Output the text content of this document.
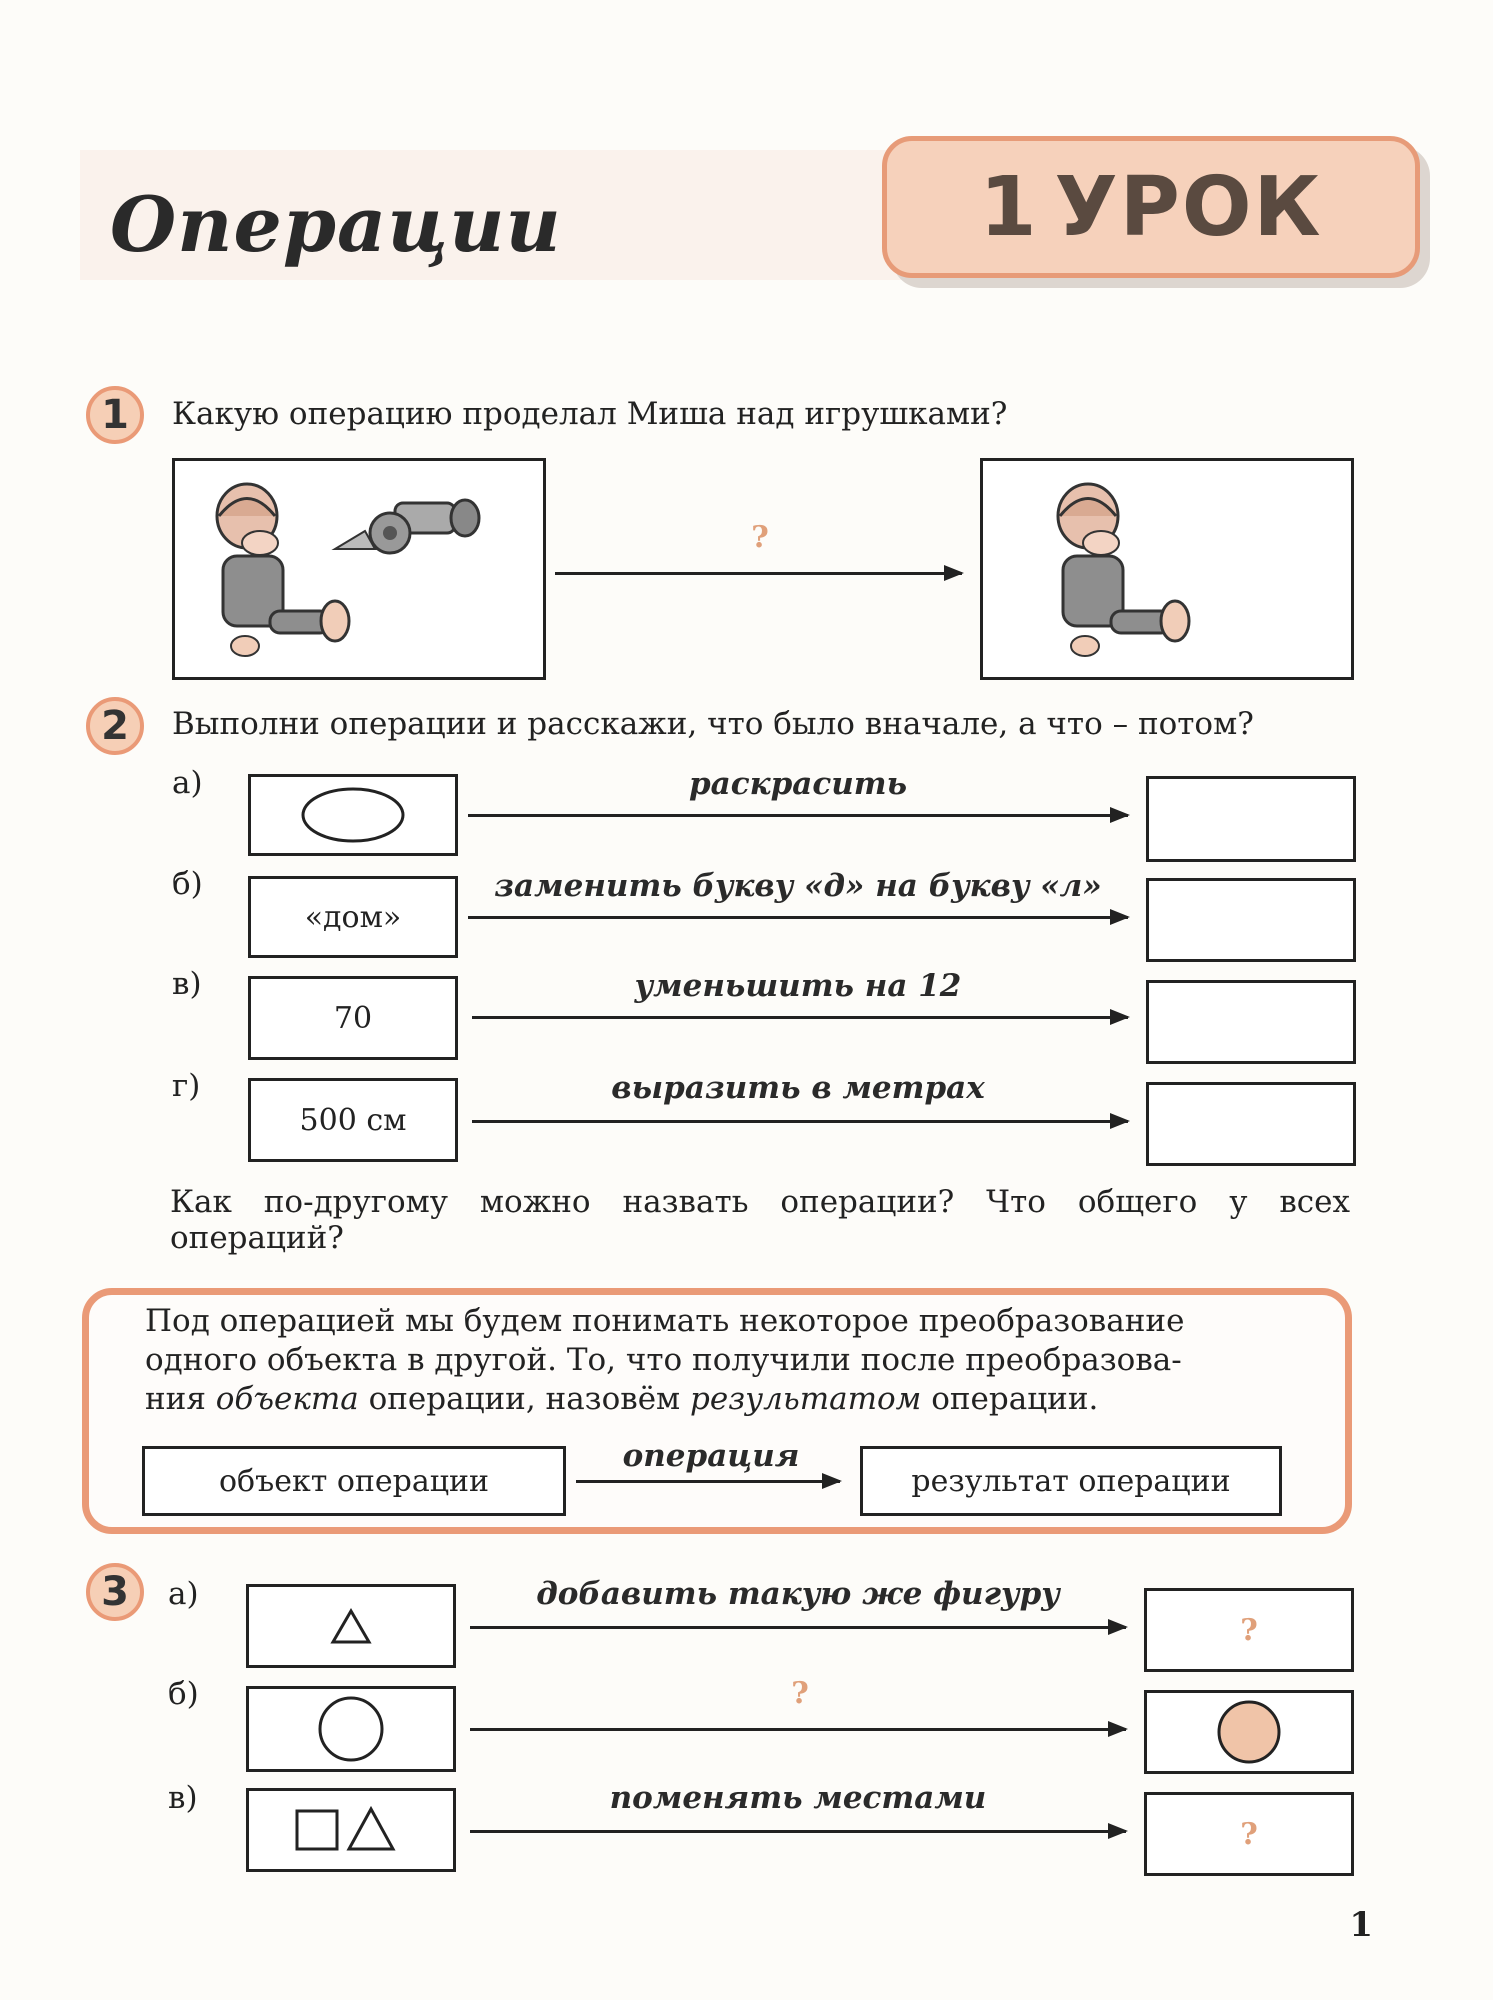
Операции	1 УРОК
1	Какую операцию проделал Миша над игрушками?
?
2	Выполни операции и расскажи, что было вначале, а что – потом?
а)	раскрасить
б)
«дом»
заменить букву «д» на букву «л»
в)
70
уменьшить на 12
г)
500 см
выразить в метрах
Как по-другому можно назвать операции? Что общего у всех операций?
Под операцией мы будем понимать некоторое преобразование
одного объекта в другой. То, что получили после преобразова-
ния объекта операции, назовём результатом операции.
объект операции
операция
результат операции
3	а)	добавить такую же фигуру
?
б)	?
в)	поменять местами
?
1
